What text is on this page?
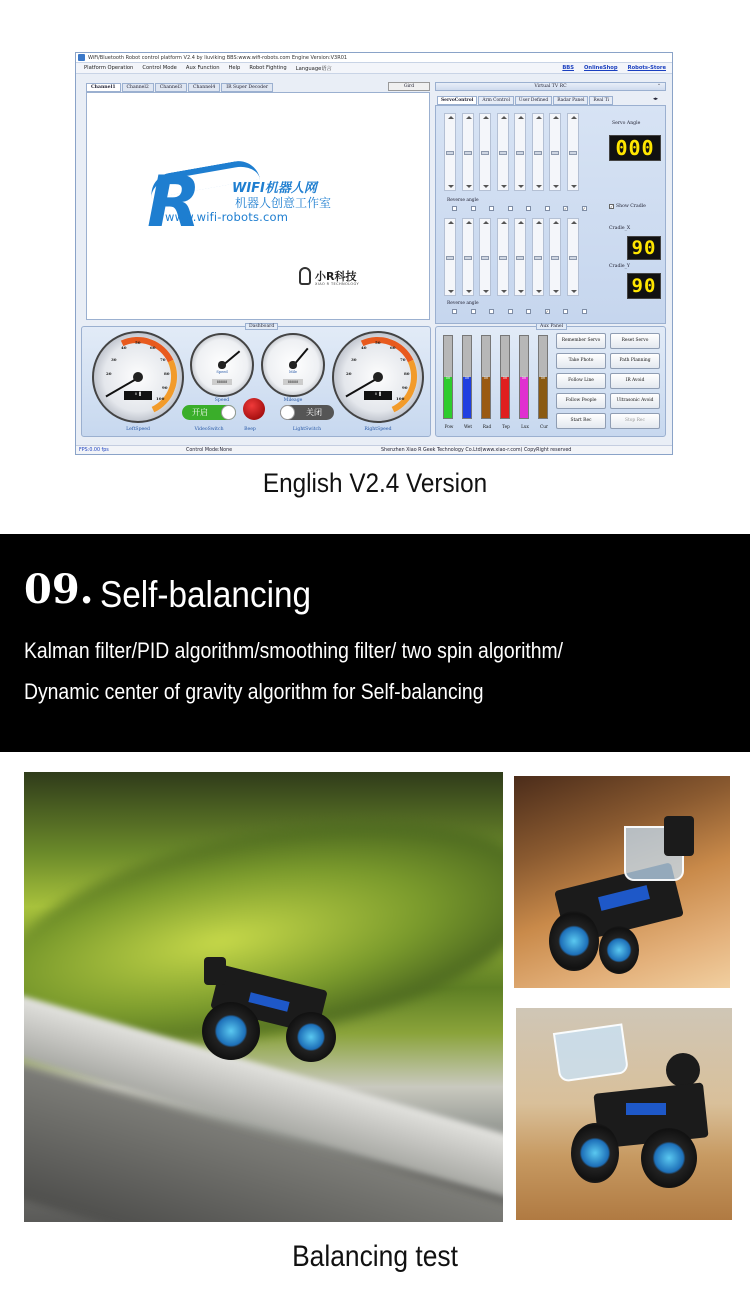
WiFi/Bluetooth Robot control platform V2.4 by liuviking BBS:www.wifi-robots.com Engine Version:V3R01
Platform Operation Control Mode Aux Function Help Robot Fighting Language语言	BBS OnlineShop Robots-Store
Channel1	Channel2	Channel3	Channel4	IR Super Decoder	Gird
R	WIFI机器人网
机器人创意工作室
www.wifi-robots.com
小R科技
XIAO R TECHNOLOGY
Virtual TV RC	⌃
Reverse angle
✓	✓
Reverse angle
✓
ServoControl	Arm Control	User Defined	Radar Panel	Real Ti	◂▸
Servo Angle
000
✓ Show Cradle
Cradle_X
90
Cradle_Y
90
Dashboard
40
50
60
70
80
90
100
30
20
0 ▓
LeftSpeed
Speed
00000
Speed
Mile
00000
Mileage
40
50
60
70
80
90
100
30
20
0 ▓
RightSpeed
开启
VideoSwitch	Beep
关闭
LightSwitch
Aux Panel
50
Pow
50
Wet
50
Rad
50
Tep
50
Lux
50
Cur
Remember Servo	Reset Servo
Take Photo	Path Planning
Follow Line	IR Avoid
Follow People	Ultrasonic Avoid
Start Rec	Stop Rec
FPS:0.00 fps	Control Mode:None	Shenzhen Xiao R Geek Technology Co.Ltd(www.xiao-r.com) CopyRight reserved
English V2.4 Version
09. Self-balancing
Kalman filter/PID algorithm/smoothing filter/ two spin algorithm/
Dynamic center of gravity algorithm for Self-balancing
Balancing test
